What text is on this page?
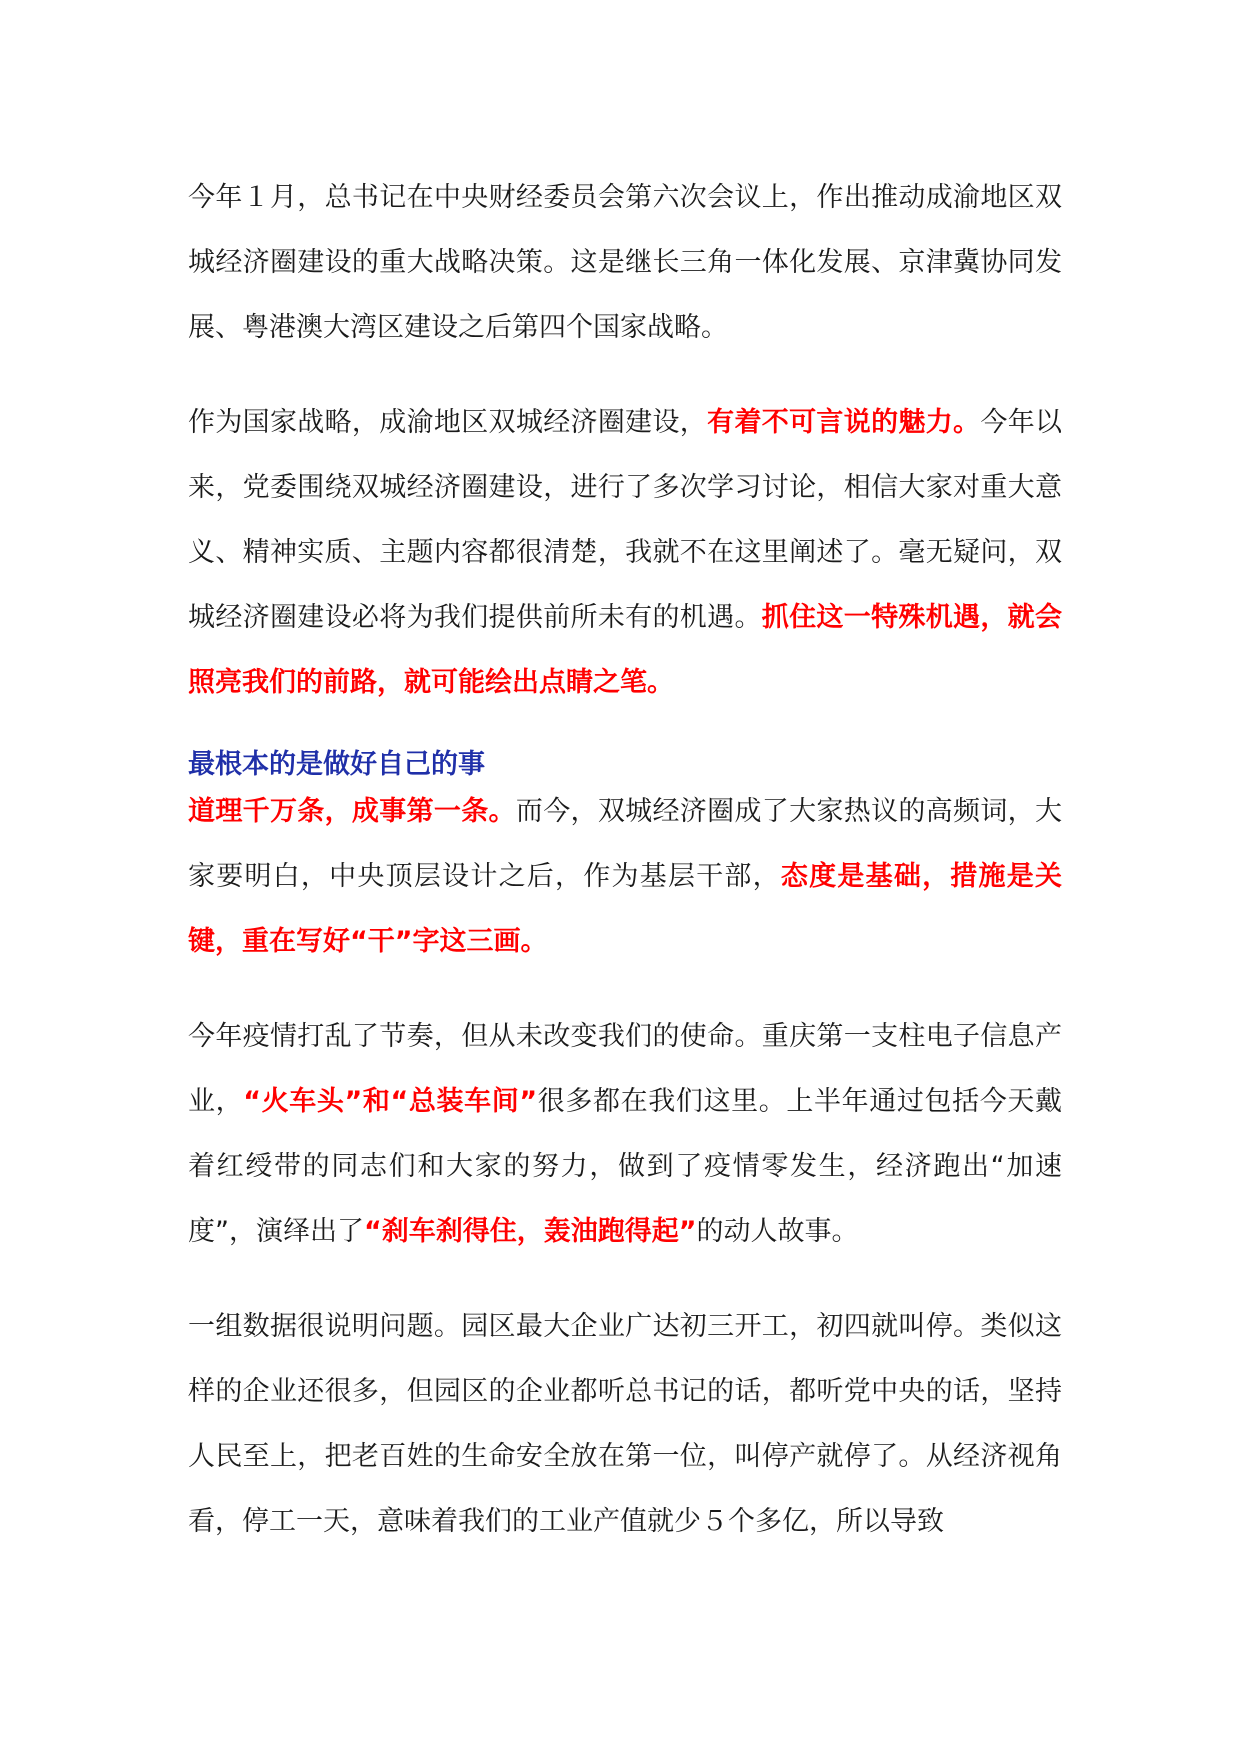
今年１月，总书记在中央财经委员会第六次会议上，作出推动成渝地区双城经济圈建设的重大战略决策。这是继长三角一体化发展、京津冀协同发展、粤港澳大湾区建设之后第四个国家战略。

作为国家战略，成渝地区双城经济圈建设，有着不可言说的魅力。今年以来，党委围绕双城经济圈建设，进行了多次学习讨论，相信大家对重大意义、精神实质、主题内容都很清楚，我就不在这里阐述了。毫无疑问，双城经济圈建设必将为我们提供前所未有的机遇。抓住这一特殊机遇，就会照亮我们的前路，就可能绘出点睛之笔。

最根本的是做好自己的事

道理千万条，成事第一条。而今，双城经济圈成了大家热议的高频词，大家要明白，中央顶层设计之后，作为基层干部，态度是基础，措施是关键，重在写好“干”字这三画。

今年疫情打乱了节奏，但从未改变我们的使命。重庆第一支柱电子信息产业，“火车头”和“总装车间”很多都在我们这里。上半年通过包括今天戴着红绶带的同志们和大家的努力，做到了疫情零发生，经济跑出“加速度”，演绎出了“刹车刹得住，轰油跑得起”的动人故事。

一组数据很说明问题。园区最大企业广达初三开工，初四就叫停。类似这样的企业还很多，但园区的企业都听总书记的话，都听党中央的话，坚持人民至上，把老百姓的生命安全放在第一位，叫停产就停了。从经济视角看，停工一天，意味着我们的工业产值就少５个多亿，所以导致
